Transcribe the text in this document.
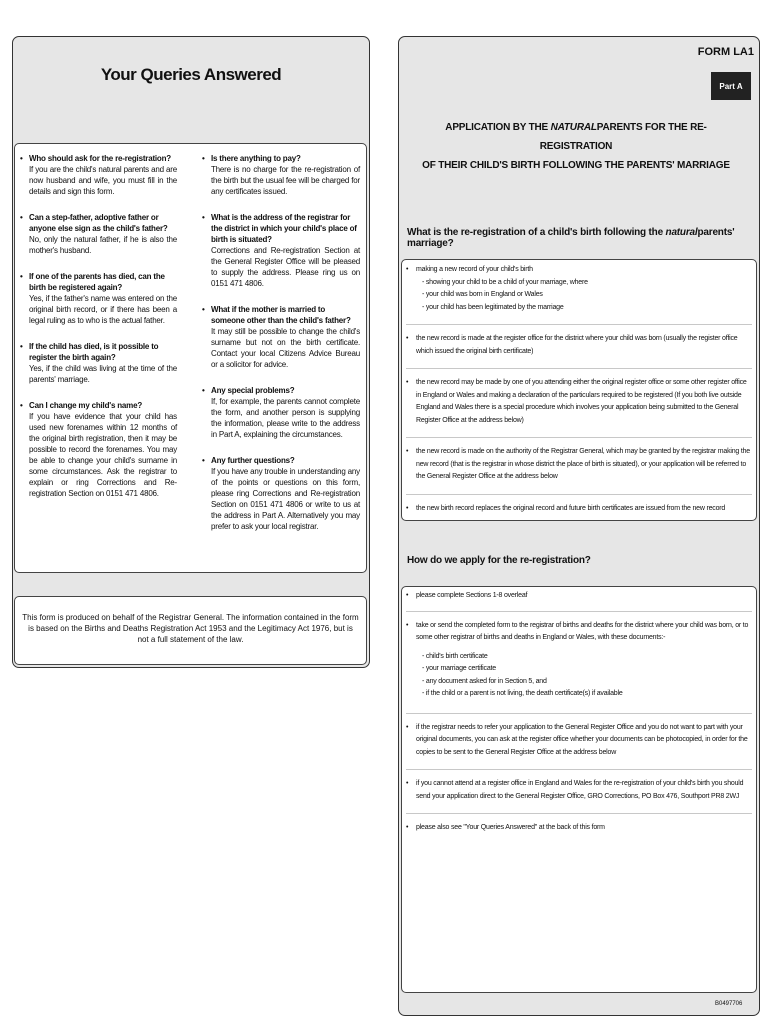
Your Queries Answered
• Who should ask for the re-registration?
If you are the child's natural parents and are now husband and wife, you must fill in the details and sign this form.
• Can a step-father, adoptive father or anyone else sign as the child's father?
No, only the natural father, if he is also the mother's husband.
• If one of the parents has died, can the birth be registered again?
Yes, if the father's name was entered on the original birth record, or if there has been a legal ruling as to who is the actual father.
• If the child has died, is it possible to register the birth again?
Yes, if the child was living at the time of the parents' marriage.
• Can I change my child's name?
If you have evidence that your child has used new forenames within 12 months of the original birth registration, then it may be possible to record the forenames. You may be able to change your child's surname in some circumstances. Ask the registrar to explain or ring Corrections and Re-registration Section on 0151 471 4806.
• Is there anything to pay?
There is no charge for the re-registration of the birth but the usual fee will be charged for any certificates issued.
• What is the address of the registrar for the district in which your child's place of birth is situated?
Corrections and Re-registration Section at the General Register Office will be pleased to supply the address. Please ring us on 0151 471 4806.
• What if the mother is married to someone other than the child's father?
It may still be possible to change the child's surname but not on the birth certificate. Contact your local Citizens Advice Bureau or a solicitor for advice.
• Any special problems?
If, for example, the parents cannot complete the form, and another person is supplying the information, please write to the address in Part A, explaining the circumstances.
• Any further questions?
If you have any trouble in understanding any of the points or questions on this form, please ring Corrections and Re-registration Section on 0151 471 4806 or write to us at the address in Part A. Alternatively you may prefer to ask your local registrar.
This form is produced on behalf of the Registrar General. The information contained in the form is based on the Births and Deaths Registration Act 1953 and the Legitimacy Act 1976, but is not a full statement of the law.
FORM LA1
Part A
APPLICATION BY THE NATURALPARENTS FOR THE RE-REGISTRATION
OF THEIR CHILD'S BIRTH FOLLOWING THE PARENTS' MARRIAGE
What is the re-registration of a child's birth following the naturalparents' marriage?
• making a new record of your child's birth
- showing your child to be a child of your marriage, where
- your child was born in England or Wales
- your child has been legitimated by the marriage
• the new record is made at the register office for the district where your child was born (usually the register office which issued the original birth certificate)
• the new record may be made by one of you attending either the original register office or some other register office in England or Wales and making a declaration of the particulars required to be registered (If you both live outside England and Wales there is a special procedure which involves your application being submitted to the General Register Office at the address below)
• the new record is made on the authority of the Registrar General, which may be granted by the registrar making the new record (that is the registrar in whose district the place of birth is situated), or your application will be referred to the General Register Office at the address below
• the new birth record replaces the original record and future birth certificates are issued from the new record
How do we apply for the re-registration?
• please complete Sections 1-8 overleaf
• take or send the completed form to the registrar of births and deaths for the district where your child was born, or to some other registrar of births and deaths in England or Wales, with these documents:-
- child's birth certificate
- your marriage certificate
- any document asked for in Section 5, and
- if the child or a parent is not living, the death certificate(s) if available
• if the registrar needs to refer your application to the General Register Office and you do not want to part with your original documents, you can ask at the register office whether your documents can be photocopied, in order for the copies to be sent to the General Register Office at the address below
• if you cannot attend at a register office in England and Wales for the re-registration of your child's birth you should send your application direct to the General Register Office, GRO Corrections, PO Box 476, Southport PR8 2WJ
• please also see "Your Queries Answered" at the back of this form
B0497706
